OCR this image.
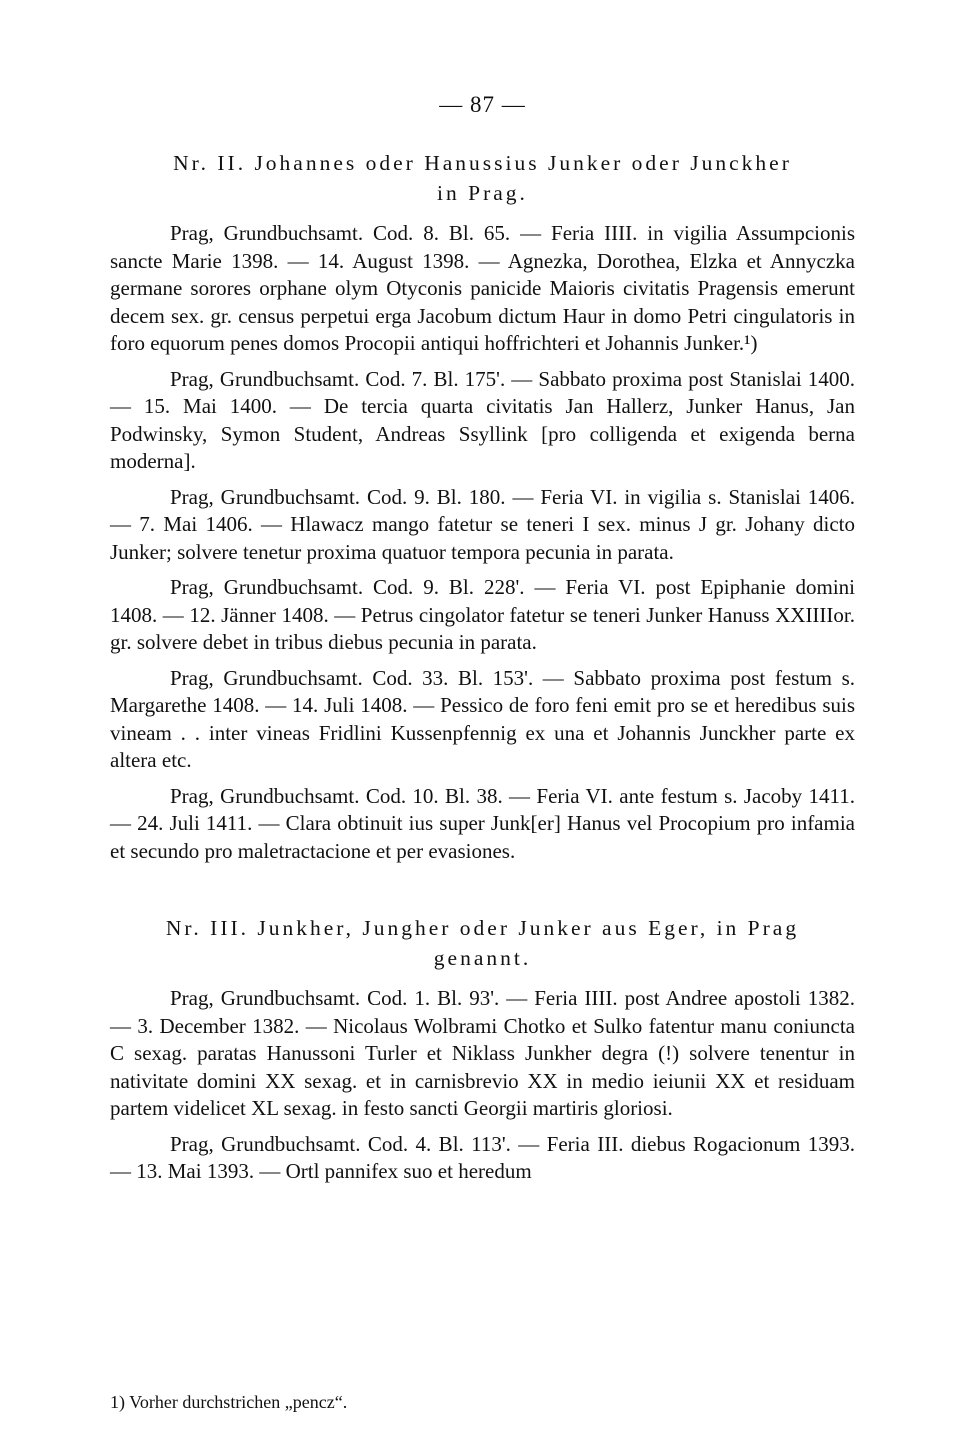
— 87 —
Nr. II. Johannes oder Hanussius Junker oder Junckher
in Prag.

Prag, Grundbuchsamt. Cod. 8. Bl. 65. — Feria IIII. in vigilia Assumpcionis sancte Marie 1398. — 14. August 1398. — Agnezka, Dorothea, Elzka et Annyczka germane sorores orphane olym Otyconis panicide Maioris civitatis Pragensis emerunt decem sex. gr. census perpetui erga Jacobum dictum Haur in domo Petri cingulatoris in foro equorum penes domos Procopii antiqui hoffrichteri et Johannis Junker.¹)

Prag, Grundbuchsamt. Cod. 7. Bl. 175'. — Sabbato proxima post Stanislai 1400. — 15. Mai 1400. — De tercia quarta civitatis Jan Hallerz, Junker Hanus, Jan Podwinsky, Symon Student, Andreas Ssyllink [pro colligenda et exigenda berna moderna].

Prag, Grundbuchsamt. Cod. 9. Bl. 180. — Feria VI. in vigilia s. Stanislai 1406. — 7. Mai 1406. — Hlawacz mango fatetur se teneri I sex. minus J gr. Johany dicto Junker; solvere tenetur proxima quatuor tempora pecunia in parata.

Prag, Grundbuchsamt. Cod. 9. Bl. 228'. — Feria VI. post Epiphanie domini 1408. — 12. Jänner 1408. — Petrus cingolator fatetur se teneri Junker Hanuss XXIIIIor. gr. solvere debet in tribus diebus pecunia in parata.

Prag, Grundbuchsamt. Cod. 33. Bl. 153'. — Sabbato proxima post festum s. Margarethe 1408. — 14. Juli 1408. — Pessico de foro feni emit pro se et heredibus suis vineam . . inter vineas Fridlini Kussenpfennig ex una et Johannis Junckher parte ex altera etc.

Prag, Grundbuchsamt. Cod. 10. Bl. 38. — Feria VI. ante festum s. Jacoby 1411. — 24. Juli 1411. — Clara obtinuit ius super Junk[er] Hanus vel Procopium pro infamia et secundo pro maletractacione et per evasiones.

Nr. III. Junkher, Jungher oder Junker aus Eger, in Prag
genannt.

Prag, Grundbuchsamt. Cod. 1. Bl. 93'. — Feria IIII. post Andree apostoli 1382. — 3. December 1382. — Nicolaus Wolbrami Chotko et Sulko fatentur manu coniuncta C sexag. paratas Hanussoni Turler et Niklass Junkher degra (!) solvere tenentur in nativitate domini XX sexag. et in carnisbrevio XX in medio ieiunii XX et residuam partem videlicet XL sexag. in festo sancti Georgii martiris gloriosi.

Prag, Grundbuchsamt. Cod. 4. Bl. 113'. — Feria III. diebus Rogacionum 1393. — 13. Mai 1393. — Ortl pannifex suo et heredum

1) Vorher durchstrichen „pencz“.
